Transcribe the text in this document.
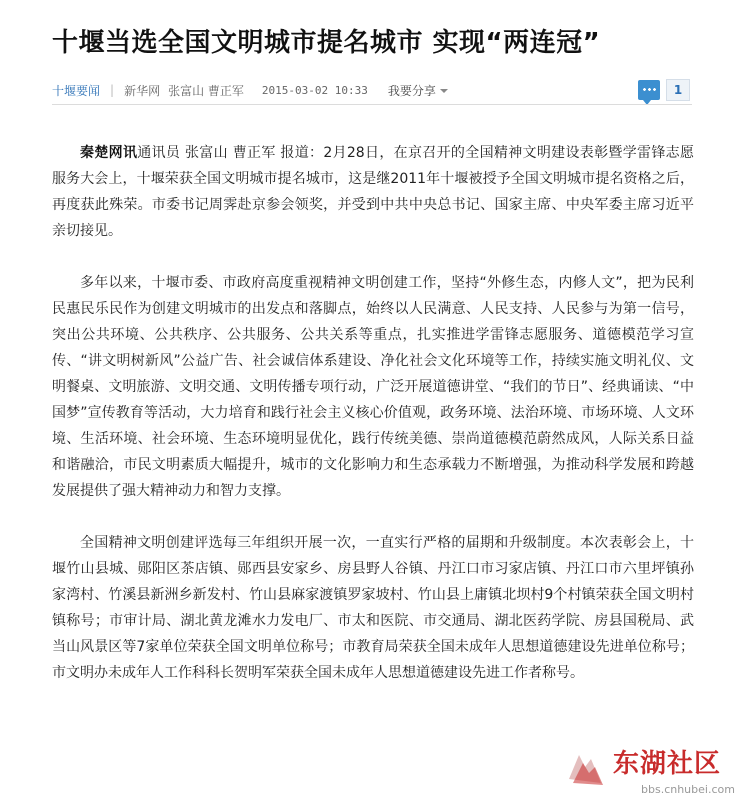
十堰当选全国文明城市提名城市 实现“两连冠”
十堰要闻 | 新华网 张富山 曹正军 2015-03-02 10:33 我要分享	1

秦楚网讯通讯员 张富山 曹正军 报道：2月28日，在京召开的全国精神文明建设表彰暨学雷锋志愿服务大会上，十堰荣获全国文明城市提名城市，这是继2011年十堰被授予全国文明城市提名资格之后，再度获此殊荣。市委书记周霁赴京参会领奖，并受到中共中央总书记、国家主席、中央军委主席习近平亲切接见。

多年以来，十堰市委、市政府高度重视精神文明创建工作，坚持“外修生态，内修人文”，把为民利民惠民乐民作为创建文明城市的出发点和落脚点，始终以人民满意、人民支持、人民参与为第一信号，突出公共环境、公共秩序、公共服务、公共关系等重点，扎实推进学雷锋志愿服务、道德模范学习宣传、“讲文明树新风”公益广告、社会诚信体系建设、净化社会文化环境等工作，持续实施文明礼仪、文明餐桌、文明旅游、文明交通、文明传播专项行动，广泛开展道德讲堂、“我们的节日”、经典诵读、“中国梦”宣传教育等活动，大力培育和践行社会主义核心价值观，政务环境、法治环境、市场环境、人文环境、生活环境、社会环境、生态环境明显优化，践行传统美德、崇尚道德模范蔚然成风，人际关系日益和谐融洽，市民文明素质大幅提升，城市的文化影响力和生态承载力不断增强，为推动科学发展和跨越发展提供了强大精神动力和智力支撑。

全国精神文明创建评选每三年组织开展一次，一直实行严格的届期和升级制度。本次表彰会上，十堰竹山县城、郧阳区茶店镇、郧西县安家乡、房县野人谷镇、丹江口市习家店镇、丹江口市六里坪镇孙家湾村、竹溪县新洲乡新发村、竹山县麻家渡镇罗家坡村、竹山县上庸镇北坝村9个村镇荣获全国文明村镇称号；市审计局、湖北黄龙滩水力发电厂、市太和医院、市交通局、湖北医药学院、房县国税局、武当山风景区等7家单位荣获全国文明单位称号；市教育局荣获全国未成年人思想道德建设先进单位称号；市文明办未成年人工作科科长贺明军荣获全国未成年人思想道德建设先进工作者称号。

东湖社区
bbs.cnhubei.com
